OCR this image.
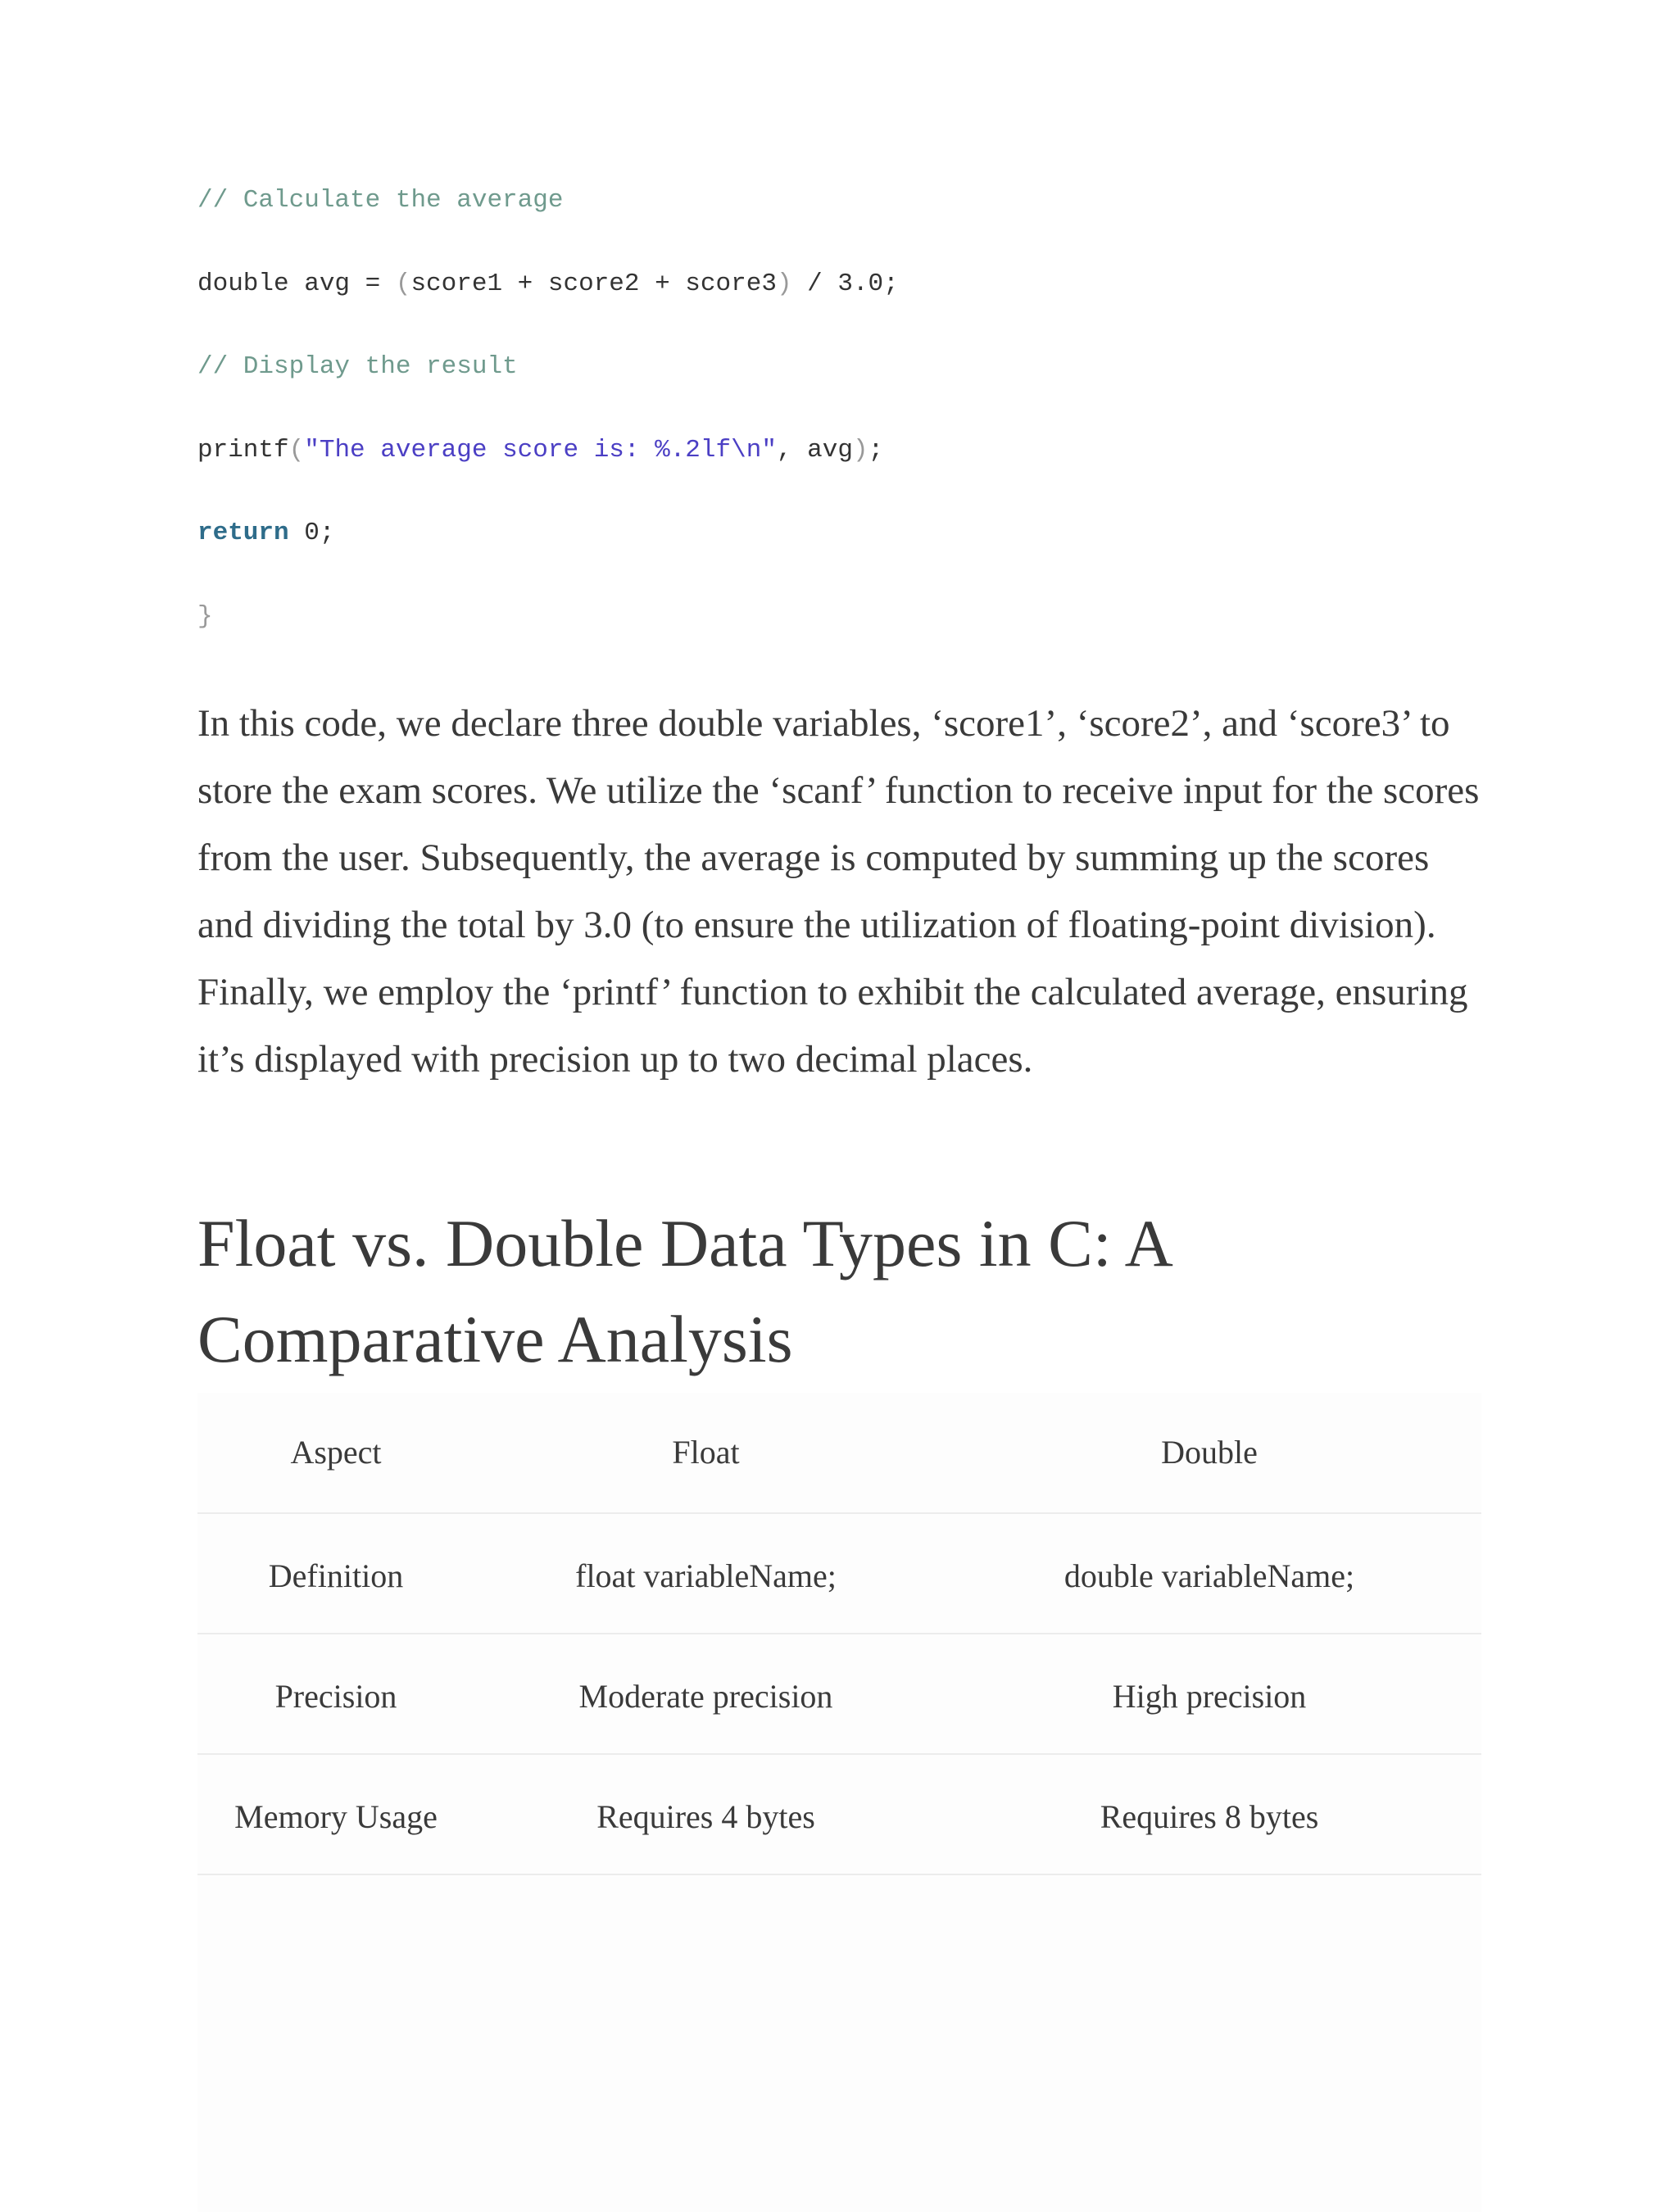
// Calculate the average
double avg = (score1 + score2 + score3) / 3.0;
// Display the result
printf("The average score is: %.2lf\n", avg);
return 0;
}

In this code, we declare three double variables, ‘score1’, ‘score2’, and ‘score3’ to store the exam scores. We utilize the ‘scanf’ function to receive input for the scores from the user. Subsequently, the average is computed by summing up the scores and dividing the total by 3.0 (to ensure the utilization of floating-point division). Finally, we employ the ‘printf’ function to exhibit the calculated average, ensuring it’s displayed with precision up to two decimal places.

Float vs. Double Data Types in C: A Comparative Analysis
Aspect	Float	Double
Definition	float variableName;	double variableName;
Precision	Moderate precision	High precision
Memory Usage	Requires 4 bytes	Requires 8 bytes
